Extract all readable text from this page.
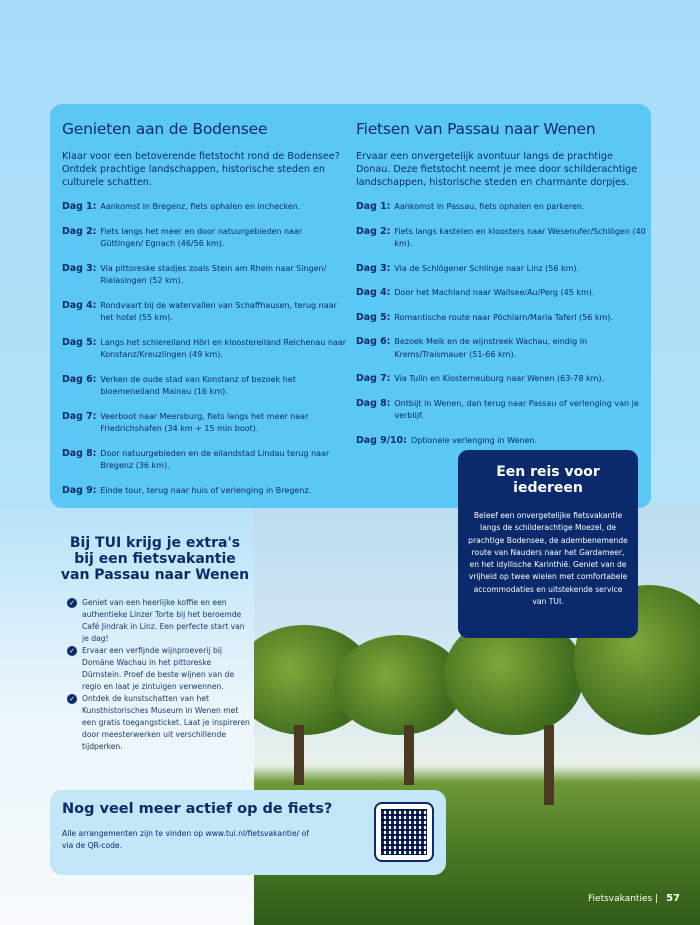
Genieten aan de Bodensee

Klaar voor een betoverende fietstocht rond de Bodensee? Ontdek prachtige landschappen, historische steden en culturele schatten.

Dag 1: Aankomst in Bregenz, fiets ophalen en inchecken.
Dag 2: Fiets langs het meer en door natuurgebieden naar Güttingen/ Egnach (46/56 km).
Dag 3: Via pittoreske stadjes zoals Stein am Rhein naar Singen/ Rielasingen (52 km).
Dag 4: Rondvaart bij de watervallen van Schaffhausen, terug naar het hotel (55 km).
Dag 5: Langs het schiereiland Höri en kloostereiland Reichenau naar Konstanz/Kreuzlingen (49 km).
Dag 6: Verken de oude stad van Konstanz of bezoek het bloemeneiland Mainau (16 km).
Dag 7: Veerboot naar Meersburg, fiets langs het meer naar Friedrichshafen (34 km + 15 min boot).
Dag 8: Door natuurgebieden en de eilandstad Lindau terug naar Bregenz (36 km).
Dag 9: Einde tour, terug naar huis of verlenging in Bregenz.
Fietsen van Passau naar Wenen

Ervaar een onvergetelijk avontuur langs de prachtige Donau. Deze fietstocht neemt je mee door schilderachtige landschappen, historische steden en charmante dorpjes.

Dag 1: Aankomst in Passau, fiets ophalen en parkeren.
Dag 2: Fiets langs kastelen en kloosters naar Wesenufer/Schlögen (40 km).
Dag 3: Via de Schlögener Schlinge naar Linz (56 km).
Dag 4: Door het Machland naar Wallsee/Au/Perg (45 km).
Dag 5: Romantische route naar Pöchlarn/Maria Taferl (56 km).
Dag 6: Bezoek Melk en de wijnstreek Wachau, eindig in Krems/Traismauer (51-66 km).
Dag 7: Via Tulln en Klosterneuburg naar Wenen (63-78 km).
Dag 8: Ontbijt in Wenen, dan terug naar Passau of verlenging van je verblijf.
Dag 9/10: Optionele verlenging in Wenen.
Een reis voor iedereen

Beleef een onvergetelijke fietsvakantie langs de schilderachtige Moezel, de prachtige Bodensee, de adembenemende route van Nauders naar het Gardameer, en het idyllische Karinthië. Geniet van de vrijheid op twee wielen met comfortabele accommodaties en uitstekende service van TUI.

Bij TUI krijg je extra's bij een fietsvakantie van Passau naar Wenen
✓ Geniet van een heerlijke koffie en een authentieke Linzer Torte bij het beroemde Café Jindrak in Linz. Een perfecte start van je dag!
✓ Ervaar een verfijnde wijnproeverij bij Domäne Wachau in het pittoreske Dürnstein. Proef de beste wijnen van de regio en laat je zintuigen verwennen.
✓ Ontdek de kunstschatten van het Kunsthistorisches Museum in Wenen met een gratis toegangsticket. Laat je inspireren door meesterwerken uit verschillende tijdperken.
Nog veel meer actief op de fiets?

Alle arrangementen zijn te vinden op www.tui.nl/fietsvakantie/ of via de QR-code.

Fietsvakanties | 57
